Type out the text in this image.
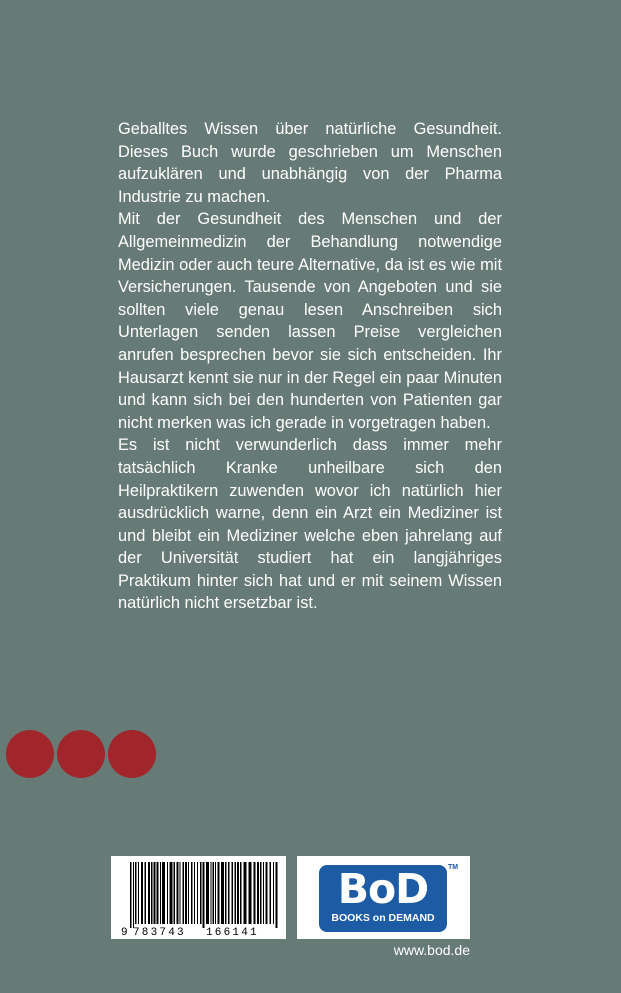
Geballtes Wissen über natürliche Gesundheit. Dieses Buch wurde geschrieben um Menschen aufzuklären und unabhängig von der Pharma Industrie zu machen.

Mit der Gesundheit des Menschen und der Allgemeinmedizin der Behandlung notwendige Medizin oder auch teure Alternative, da ist es wie mit Versicherungen. Tausende von Angeboten und sie sollten viele genau lesen Anschreiben sich Unterlagen senden lassen Preise vergleichen anrufen besprechen bevor sie sich entscheiden. Ihr Hausarzt kennt sie nur in der Regel ein paar Minuten und kann sich bei den hunderten von Patienten gar nicht merken was ich gerade in vorgetragen haben.

Es ist nicht verwunderlich dass immer mehr tatsächlich Kranke unheilbare sich den Heilpraktikern zuwenden wovor ich natürlich hier ausdrücklich warne, denn ein Arzt ein Mediziner ist und bleibt ein Mediziner welche eben jahrelang auf der Universität studiert hat ein langjähriges Praktikum hinter sich hat und er mit seinem Wissen natürlich nicht ersetzbar ist.

9 783743 166141
BoD
BOOKS on DEMAND
TM
www.bod.de
